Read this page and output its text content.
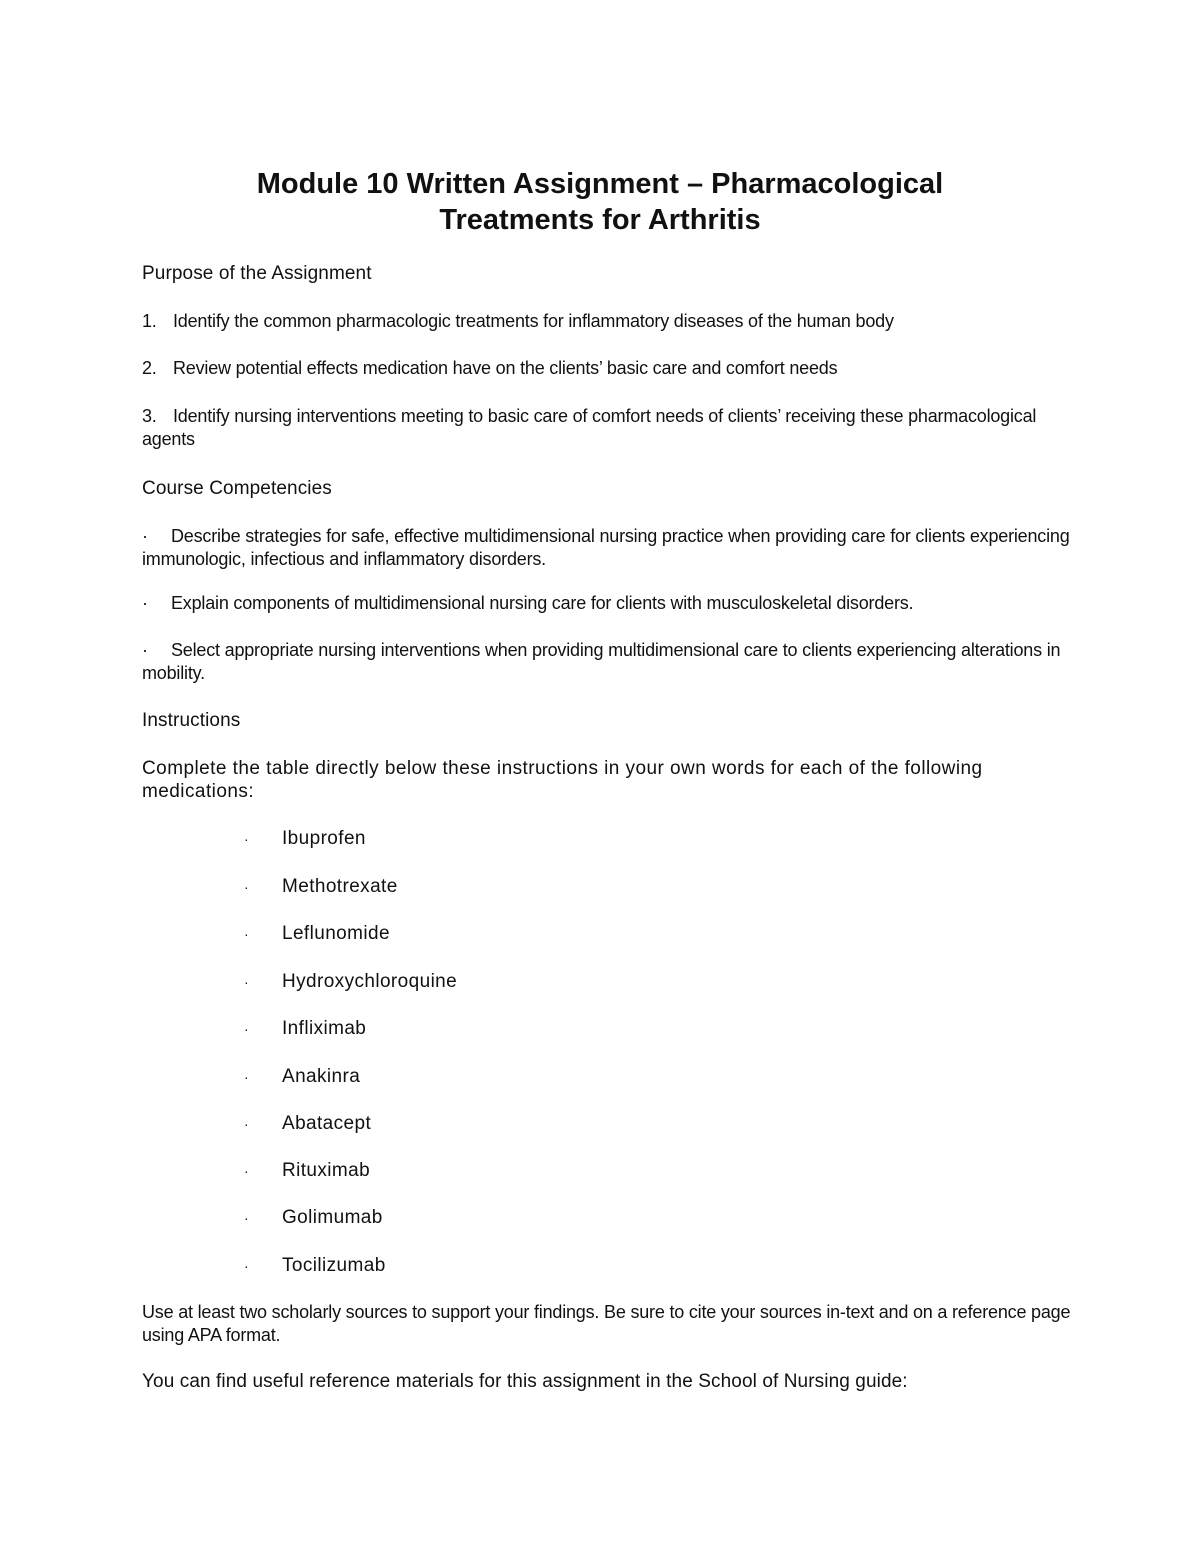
Module 10 Written Assignment – Pharmacological
Treatments for Arthritis

Purpose of the Assignment

1. Identify the common pharmacologic treatments for inflammatory diseases of the human body

2. Review potential effects medication have on the clients’ basic care and comfort needs

3. Identify nursing interventions meeting to basic care of comfort needs of clients’ receiving these pharmacological agents

Course Competencies

· Describe strategies for safe, effective multidimensional nursing practice when providing care for clients experiencing immunologic, infectious and inflammatory disorders.

· Explain components of multidimensional nursing care for clients with musculoskeletal disorders.

· Select appropriate nursing interventions when providing multidimensional care to clients experiencing alterations in mobility.

Instructions

Complete the table directly below these instructions in your own words for each of the following medications:

· Ibuprofen

· Methotrexate

· Leflunomide

· Hydroxychloroquine

· Infliximab

· Anakinra

· Abatacept

· Rituximab

· Golimumab

· Tocilizumab

Use at least two scholarly sources to support your findings. Be sure to cite your sources in-text and on a reference page using APA format.

You can find useful reference materials for this assignment in the School of Nursing guide:
